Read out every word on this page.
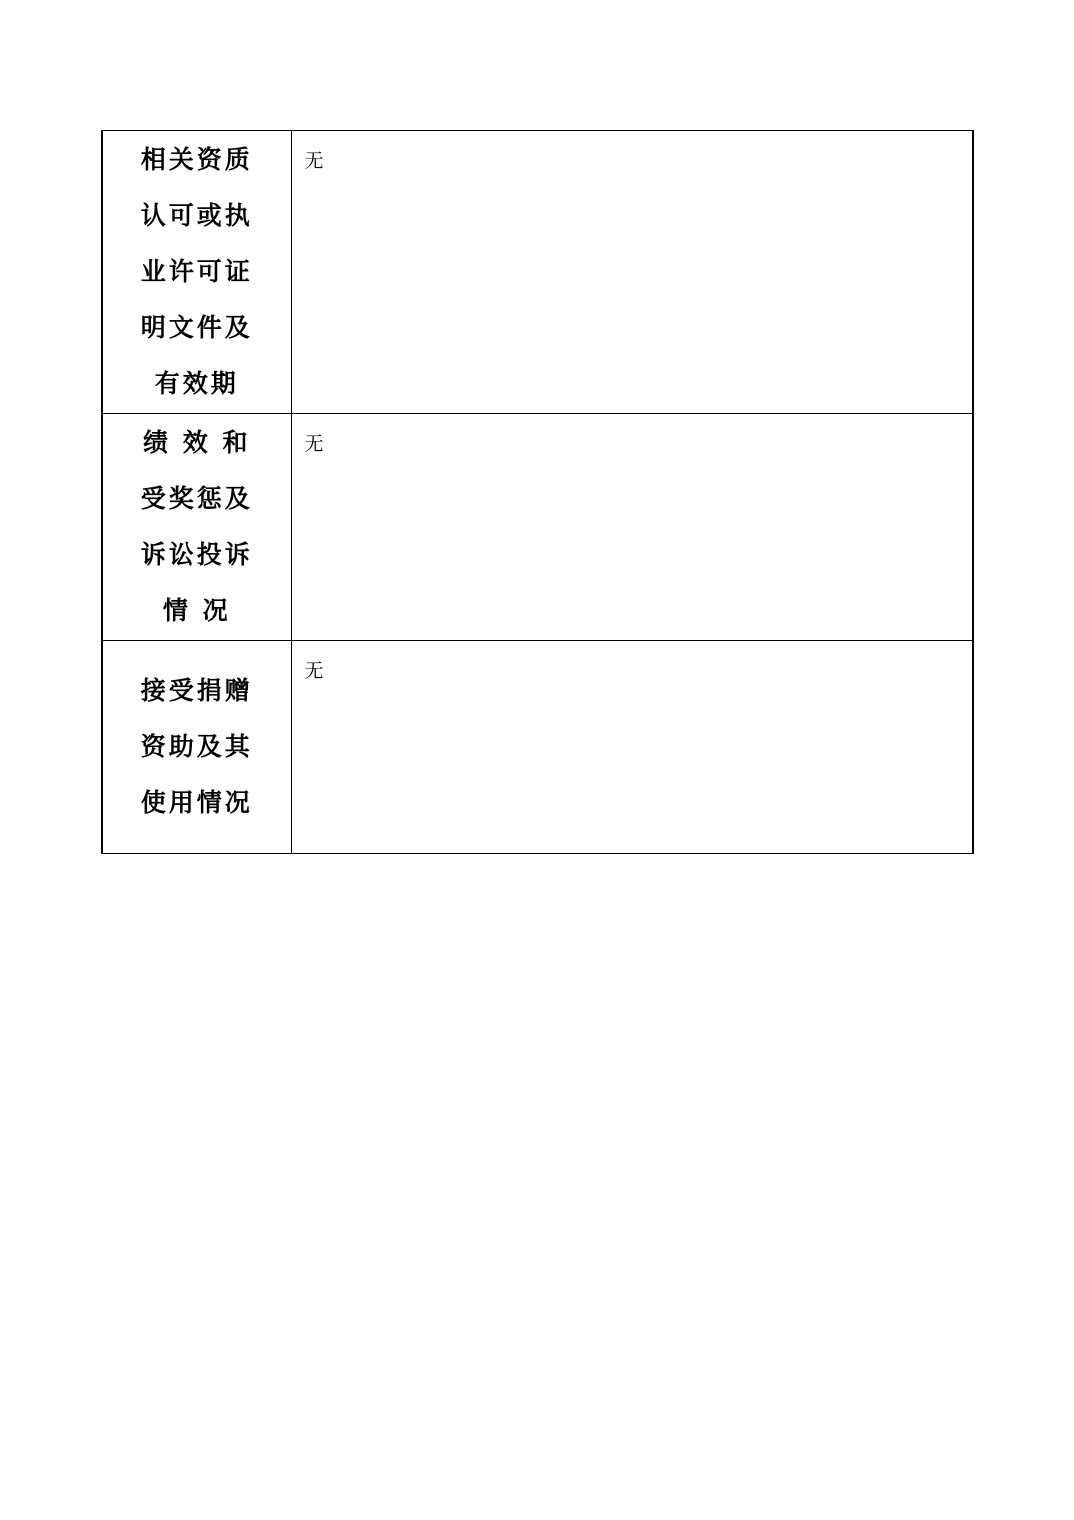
相关资质
认可或执
业许可证
明文件及
有效期	无

绩 效 和
受奖惩及
诉讼投诉
情 况	无

接受捐赠
资助及其
使用情况	无
